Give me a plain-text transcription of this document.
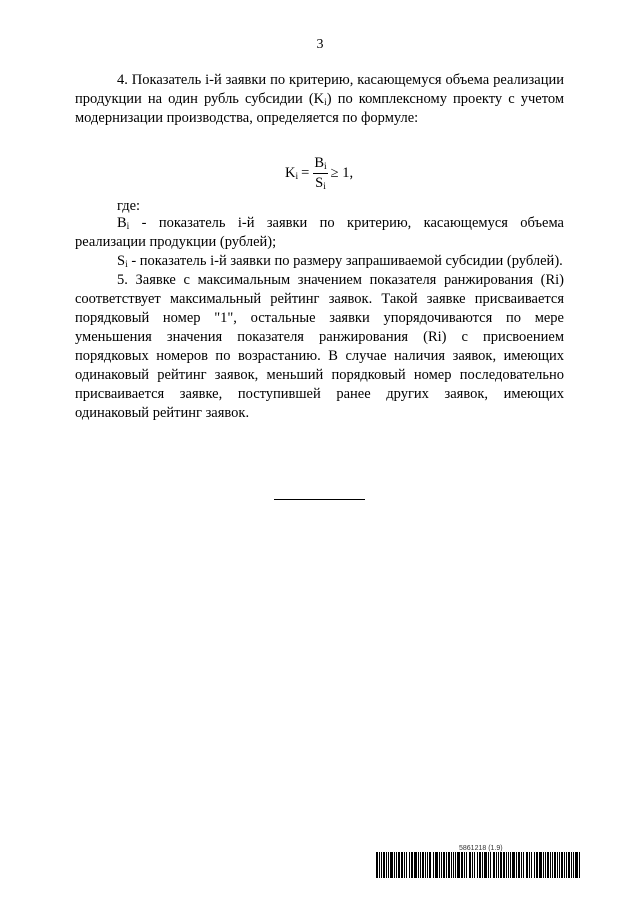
3

4. Показатель i-й заявки по критерию, касающемуся объема реализации продукции на один рубль субсидии $(K_i)$ по комплексному проекту с учетом модернизации производства, определяется по формуле:

$K_i = \frac{B_i}{S_i} \ge 1$,
где:

$B_i$ - показатель i-й заявки по критерию, касающемуся объема реализации продукции (рублей);

$S_i$ - показатель i-й заявки по размеру запрашиваемой субсидии (рублей).

5. Заявке с максимальным значением показателя ранжирования (Ri) соответствует максимальный рейтинг заявок. Такой заявке присваивается порядковый номер "1", остальные заявки упорядочиваются по мере уменьшения значения показателя ранжирования (Ri) с присвоением порядковых номеров по возрастанию. В случае наличия заявок, имеющих одинаковый рейтинг заявок, меньший порядковый номер последовательно присваивается заявке, поступившей ранее других заявок, имеющих одинаковый рейтинг заявок.

5861218 (1.9)
